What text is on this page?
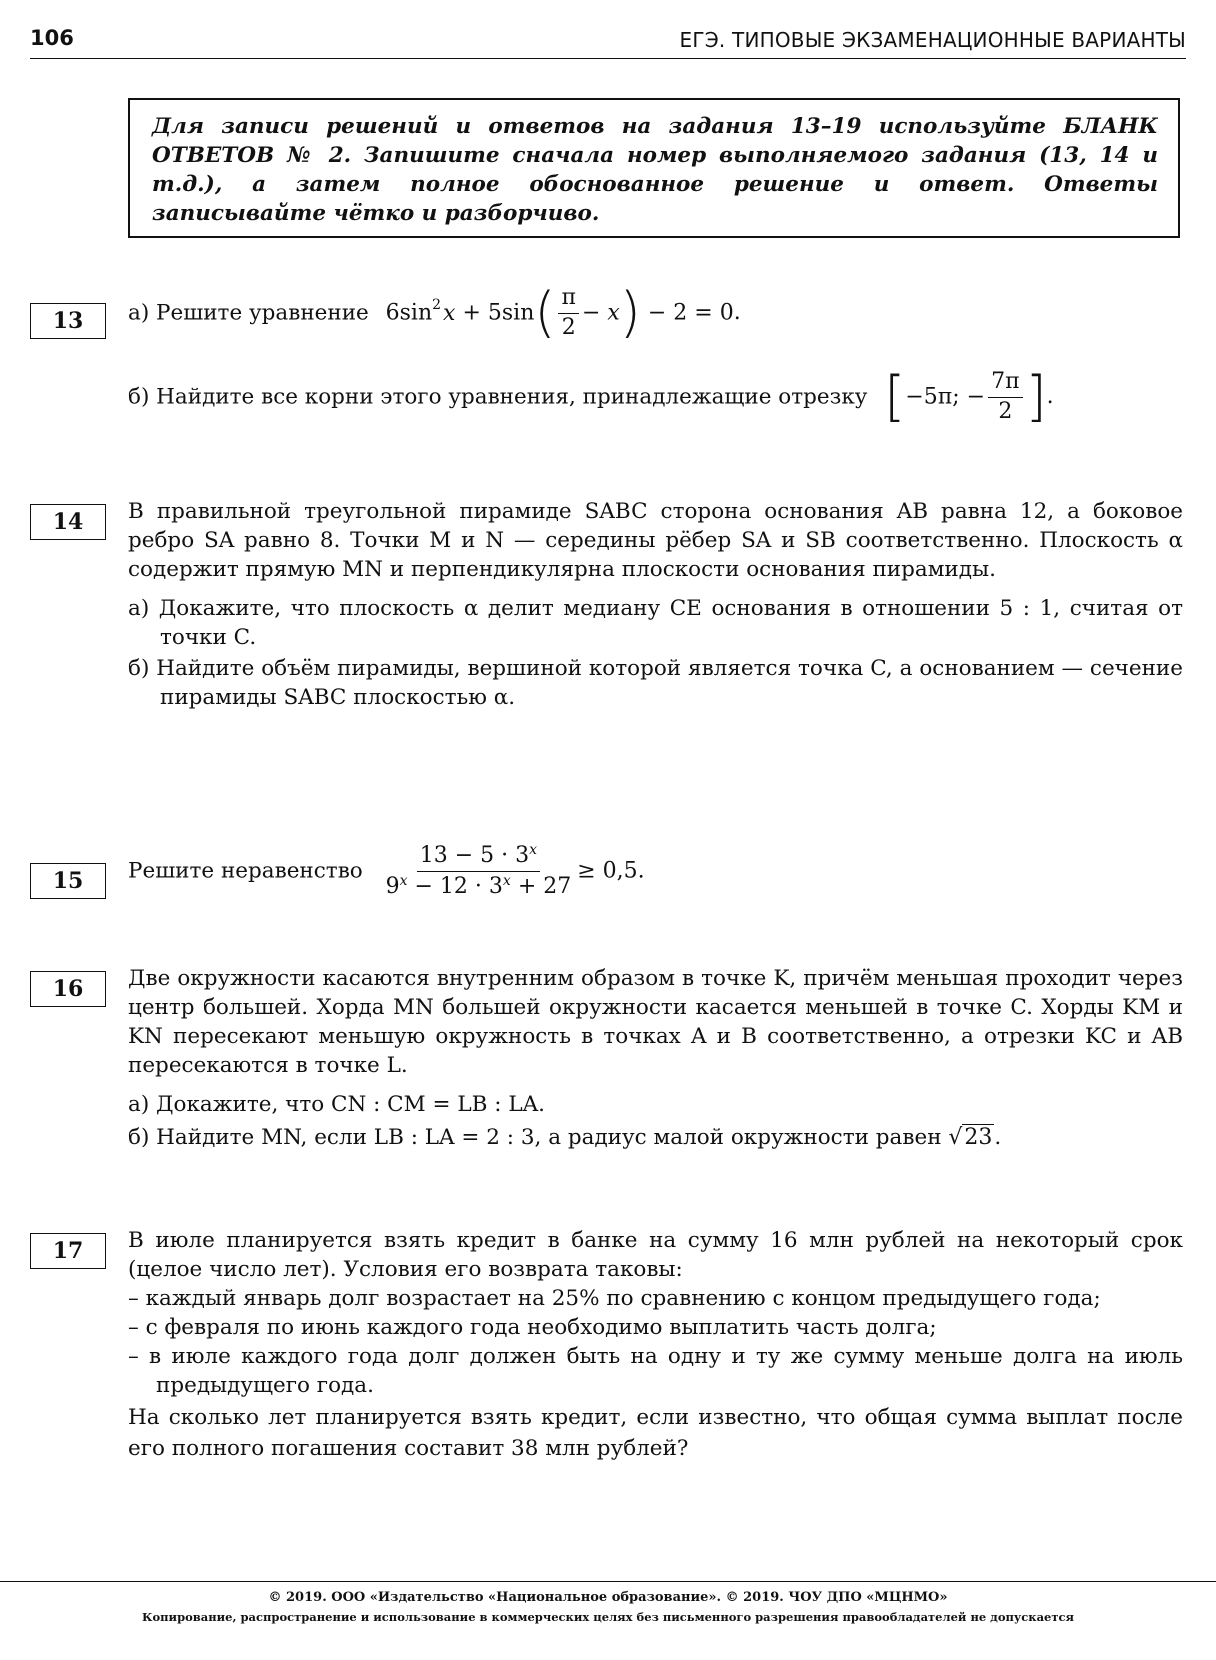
106	ЕГЭ. ТИПОВЫЕ ЭКЗАМЕНАЦИОННЫЕ ВАРИАНТЫ
Для записи решений и ответов на задания 13–19 используйте БЛАНК ОТВЕТОВ № 2. Запишите сначала номер выполняемого задания (13, 14 и т.д.), а затем полное обоснованное решение и ответ. Ответы записывайте чётко и разборчиво.
13	а) Решите уравнение $6\sin^2x + 5\sin( \frac{\pi}{2} - x) - 2 = 0$.
б) Найдите все корни этого уравнения, принадлежащие отрезку [−5π; − $\frac{7\pi}{2}$ ].
14	В правильной треугольной пирамиде SABC сторона основания AB равна 12, а боковое ребро SA равно 8. Точки M и N — середины рёбер SA и SB соответственно. Плоскость α содержит прямую MN и перпендикулярна плоскости основания пирамиды.

а) Докажите, что плоскость α делит медиану CE основания в отношении 5 : 1, считая от точки C.

б) Найдите объём пирамиды, вершиной которой является точка C, а основанием — сечение пирамиды SABC плоскостью α.

15	Решите неравенство $\frac{13 - 5 \cdot 3^x}{9^x - 12 \cdot 3^x + 27} \ge 0,5$.
16	Две окружности касаются внутренним образом в точке K, причём меньшая проходит через центр большей. Хорда MN большей окружности касается меньшей в точке C. Хорды KM и KN пересекают меньшую окружность в точках A и B соответственно, а отрезки KC и AB пересекаются в точке L.

а) Докажите, что CN : CM = LB : LA.

б) Найдите MN, если LB : LA = 2 : 3, а радиус малой окружности равен √23.

17	В июле планируется взять кредит в банке на сумму 16 млн рублей на некоторый срок (целое число лет). Условия его возврата таковы:

– каждый январь долг возрастает на 25% по сравнению с концом предыдущего года;

– с февраля по июнь каждого года необходимо выплатить часть долга;

– в июле каждого года долг должен быть на одну и ту же сумму меньше долга на июль предыдущего года.

На сколько лет планируется взять кредит, если известно, что общая сумма выплат после его полного погашения составит 38 млн рублей?

© 2019. ООО «Издательство «Национальное образование». © 2019. ЧОУ ДПО «МЦНМО»
Копирование, распространение и использование в коммерческих целях без письменного разрешения правообладателей не допускается
